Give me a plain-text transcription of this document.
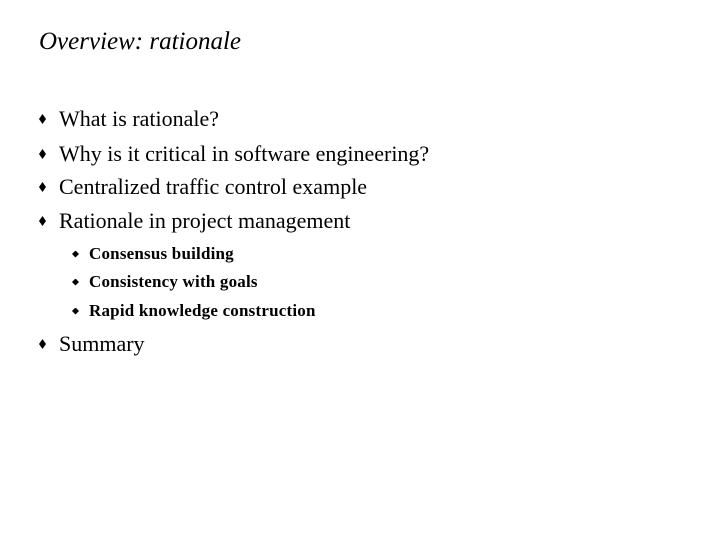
Overview: rationale
What is rationale?
Why is it critical in software engineering?
Centralized traffic control example
Rationale in project management
Consensus building
Consistency with goals
Rapid knowledge construction
Summary
